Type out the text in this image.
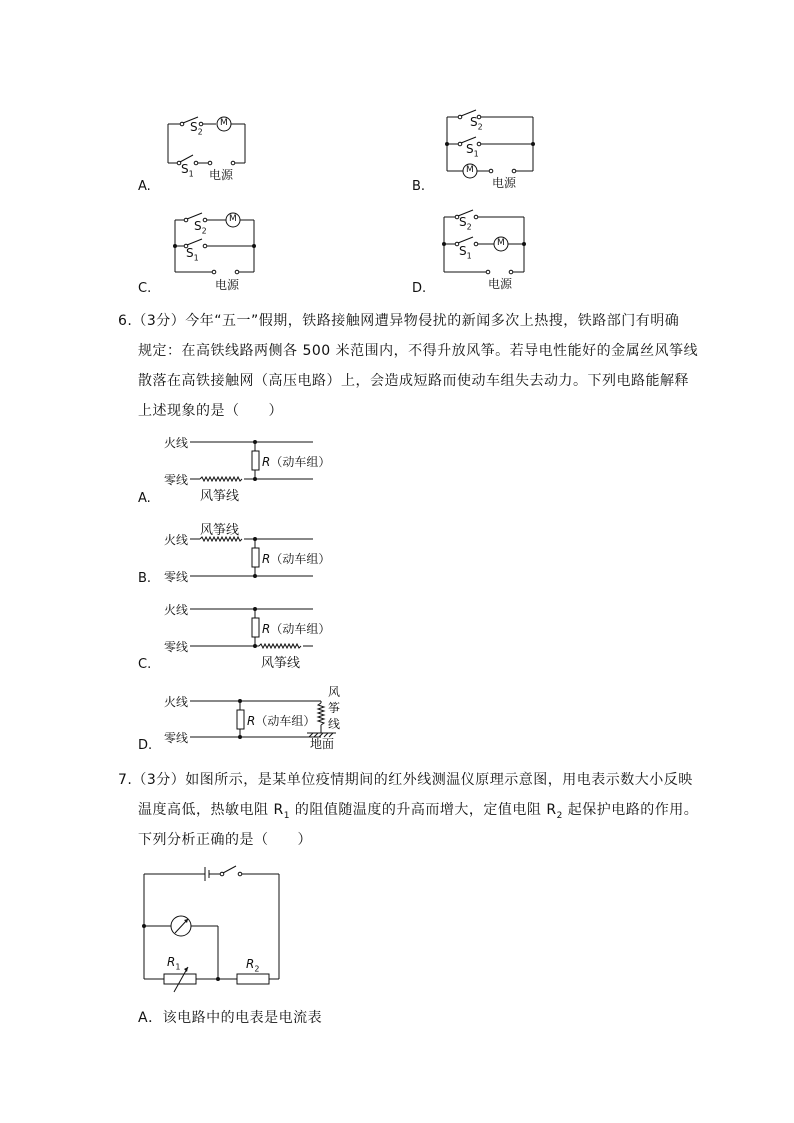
M
$S_2$
$S_1$ 电源
A.
M
$S_2$
$S_1$
电源
B.
M
$S_2$
$S_1$
电源
C.
M
$S_2$
$S_1$
电源
D.
6.（3分）今年“五一”假期，铁路接触网遭异物侵扰的新闻多次上热搜，铁路部门有明确
规定：在高铁线路两侧各 500 米范围内，不得升放风筝。若导电性能好的金属丝风筝线
散落在高铁接触网（高压电路）上，会造成短路而使动车组失去动力。下列电路能解释
上述现象的是（　　）
火线
零线
R（动车组）
风筝线
A.
风筝线
火线
零线
R（动车组）
B.
火线
零线
R（动车组）
风筝线
C.
火线
零线
R（动车组）
风
筝
线
地面
D.
7.（3分）如图所示，是某单位疫情期间的红外线测温仪原理示意图，用电表示数大小反映
温度高低，热敏电阻 $R_1$ 的阻值随温度的升高而增大，定值电阻 $R_2$ 起保护电路的作用。
下列分析正确的是（　　）
$R_1$	$R_2$
A．该电路中的电表是电流表
